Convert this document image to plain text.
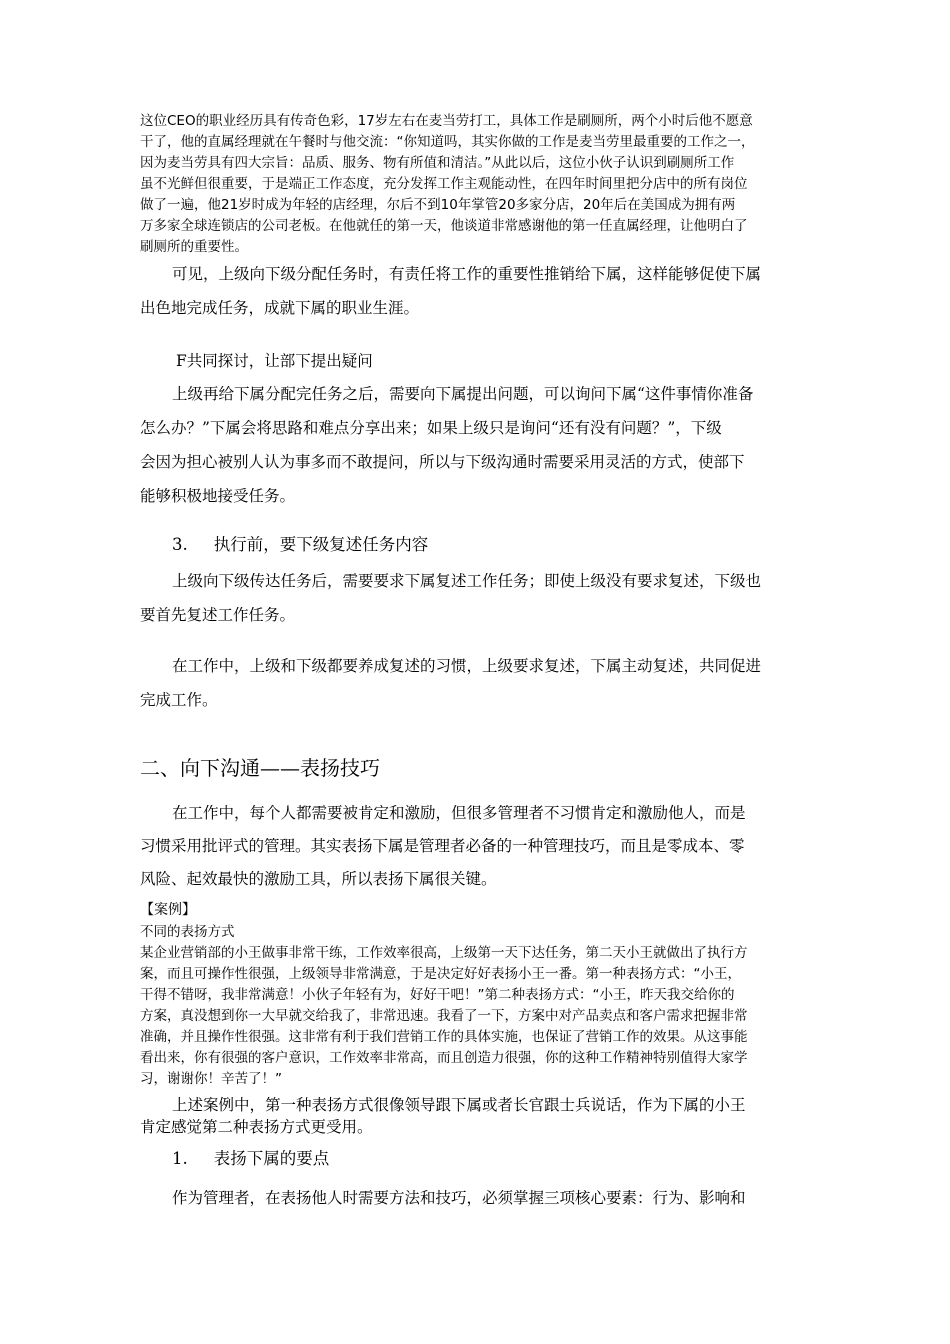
这位CEO的职业经历具有传奇色彩，17岁左右在麦当劳打工，具体工作是刷厕所，两个小时后他不愿意
干了，他的直属经理就在午餐时与他交流：“你知道吗，其实你做的工作是麦当劳里最重要的工作之一，
因为麦当劳具有四大宗旨：品质、服务、物有所值和清洁。”从此以后，这位小伙子认识到刷厕所工作
虽不光鲜但很重要，于是端正工作态度，充分发挥工作主观能动性，在四年时间里把分店中的所有岗位
做了一遍，他21岁时成为年轻的店经理，尔后不到10年掌管20多家分店，20年后在美国成为拥有两
万多家全球连锁店的公司老板。在他就任的第一天，他谈道非常感谢他的第一任直属经理，让他明白了
刷厕所的重要性。
可见，上级向下级分配任务时，有责任将工作的重要性推销给下属，这样能够促使下属
出色地完成任务，成就下属的职业生涯。
F共同探讨，让部下提出疑问
上级再给下属分配完任务之后，需要向下属提出问题，可以询问下属“这件事情你准备
怎么办？”下属会将思路和难点分享出来；如果上级只是询问“还有没有问题？”，下级
会因为担心被别人认为事多而不敢提问，所以与下级沟通时需要采用灵活的方式，使部下
能够积极地接受任务。
3. 执行前，要下级复述任务内容
上级向下级传达任务后，需要要求下属复述工作任务；即使上级没有要求复述，下级也
要首先复述工作任务。
在工作中，上级和下级都要养成复述的习惯，上级要求复述，下属主动复述，共同促进
完成工作。
二、向下沟通——表扬技巧
在工作中，每个人都需要被肯定和激励，但很多管理者不习惯肯定和激励他人，而是
习惯采用批评式的管理。其实表扬下属是管理者必备的一种管理技巧，而且是零成本、零
风险、起效最快的激励工具，所以表扬下属很关键。
【案例】
不同的表扬方式
某企业营销部的小王做事非常干练，工作效率很高，上级第一天下达任务，第二天小王就做出了执行方
案，而且可操作性很强，上级领导非常满意，于是决定好好表扬小王一番。第一种表扬方式：“小王，
干得不错呀，我非常满意！小伙子年轻有为，好好干吧！”第二种表扬方式：“小王，昨天我交给你的
方案，真没想到你一大早就交给我了，非常迅速。我看了一下，方案中对产品卖点和客户需求把握非常
准确，并且操作性很强。这非常有利于我们营销工作的具体实施，也保证了营销工作的效果。从这事能
看出来，你有很强的客户意识，工作效率非常高，而且创造力很强，你的这种工作精神特别值得大家学
习，谢谢你！辛苦了！”
上述案例中，第一种表扬方式很像领导跟下属或者长官跟士兵说话，作为下属的小王
肯定感觉第二种表扬方式更受用。
1. 表扬下属的要点
作为管理者，在表扬他人时需要方法和技巧，必须掌握三项核心要素：行为、影响和
